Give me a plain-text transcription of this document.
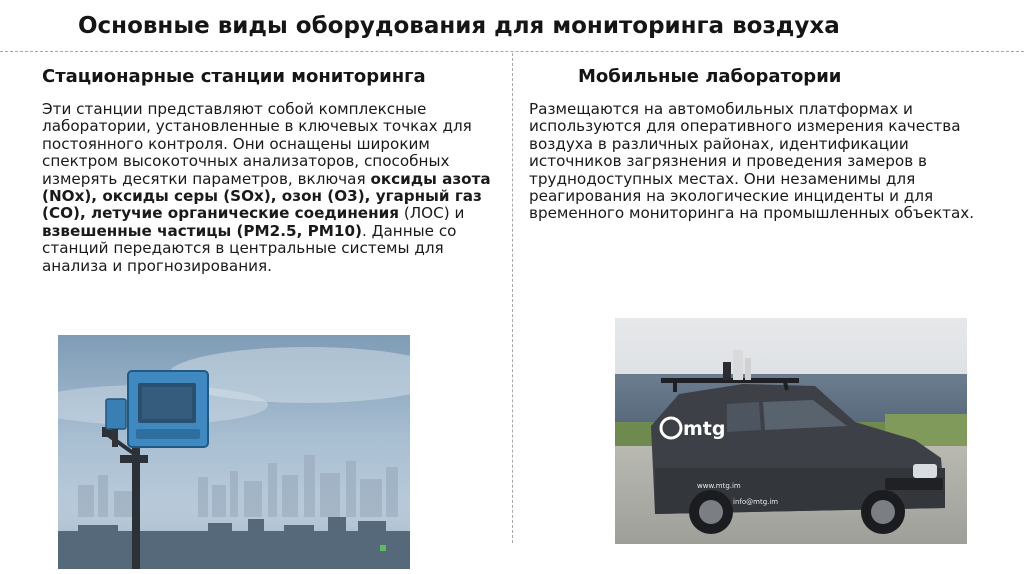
Основные виды оборудования для мониторинга воздуха
Стационарные станции мониторинга
Эти станции представляют собой комплексные лаборатории, установленные в ключевых точках для постоянного контроля. Они оснащены широким спектром высокоточных анализаторов, способных измерять десятки параметров, включая оксиды азота (NOx), оксиды серы (SOx), озон (O3), угарный газ (CO), летучие органические соединения (ЛОС) и взвешенные частицы (PM2.5, PM10). Данные со станций передаются в центральные системы для анализа и прогнозирования.
Мобильные лаборатории
Размещаются на автомобильных платформах и используются для оперативного измерения качества воздуха в различных районах, идентификации источников загрязнения и проведения замеров в труднодоступных местах. Они незаменимы для реагирования на экологические инциденты и для временного мониторинга на промышленных объектах.
mtg
www.mtg.im
info@mtg.im
